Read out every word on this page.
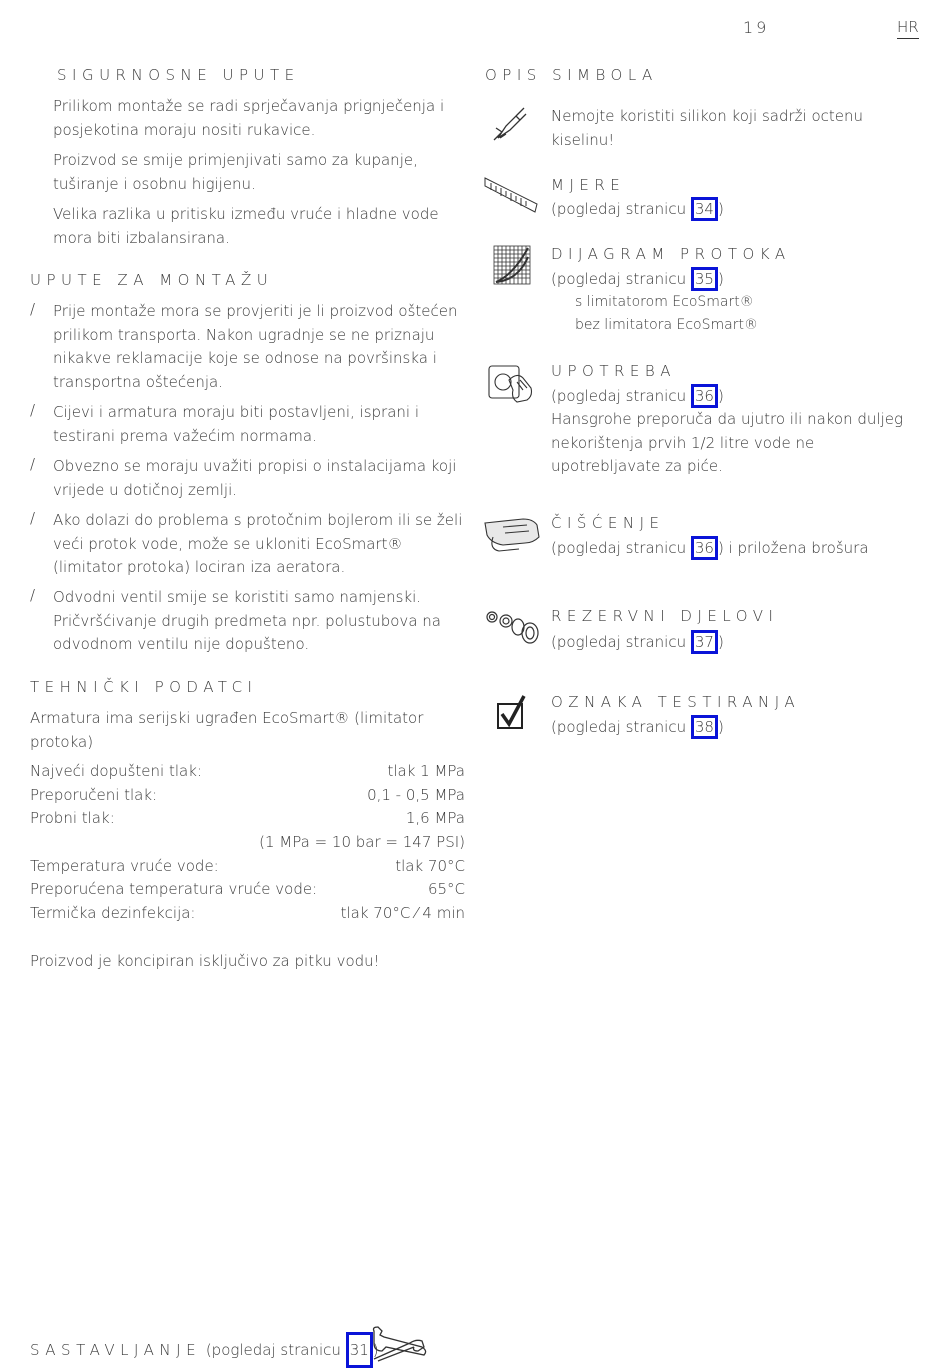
19	HR
SIGURNOSNE UPUTE
Prilikom montaže se radi sprječavanja prignječenja i posjekotina moraju nositi rukavice.
Proizvod se smije primjenjivati samo za kupanje, tuširanje i osobnu higijenu.
Velika razlika u pritisku između vruće i hladne vode mora biti izbalansirana.
UPUTE ZA MONTAŽU
/	Prije montaže mora se provjeriti je li proizvod oštećen prilikom transporta. Nakon ugradnje se ne priznaju nikakve reklamacije koje se odnose na površinska i transportna oštećenja.
/	Cijevi i armatura moraju biti postavljeni, isprani i testirani prema važećim normama.
/	Obvezno se moraju uvažiti propisi o instalacijama koji vrijede u dotičnoj zemlji.
/	Ako dolazi do problema s protočnim bojlerom ili se želi veći protok vode, može se ukloniti EcoSmart® (limitator protoka) lociran iza aeratora.
/	Odvodni ventil smije se koristiti samo namjenski. Pričvršćivanje drugih predmeta npr. polustubova na odvodnom ventilu nije dopušteno.
TEHNIČKI PODATCI
Armatura ima serijski ugrađen EcoSmart® (limitator protoka)
Najveći dopušteni tlak:	tlak 1 MPa
Preporučeni tlak:	0,1 - 0,5 MPa
Probni tlak:	1,6 MPa
(1 MPa = 10 bar = 147 PSI)
Temperatura vruće vode:	tlak 70°C
Preporućena temperatura vruće vode:	65°C
Termička dezinfekcija:	tlak 70°C ⁄ 4 min
Proizvod je koncipiran isključivo za pitku vodu!
OPIS SIMBOLA
Nemojte koristiti silikon koji sadrži octenu kiselinu!
MJERE
(pogledaj stranicu 34 )
DIJAGRAM PROTOKA
(pogledaj stranicu 35 )
s limitatorom EcoSmart®
bez limitatora EcoSmart®
UPOTREBA
(pogledaj stranicu 36 )
Hansgrohe preporuča da ujutro ili nakon duljeg nekorištenja prvih 1/2 litre vode ne upotrebljavate za piće.
ČIŠĆENJE
(pogledaj stranicu 36 ) i priložena brošura
REZERVNI DJELOVI
(pogledaj stranicu 37 )
OZNAKA TESTIRANJA
(pogledaj stranicu 38 )
SASTAVLJANJE (pogledaj stranicu 31 )
